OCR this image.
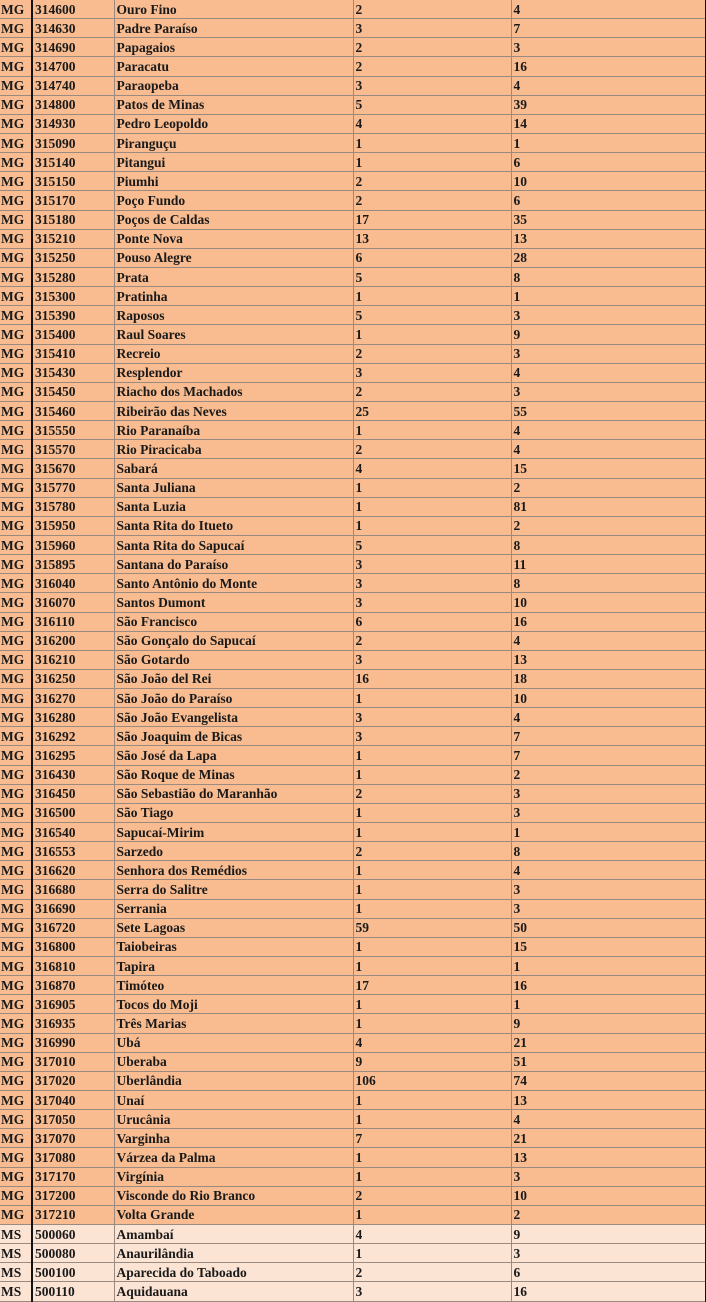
MG	314600	Ouro Fino	2	4
MG	314630	Padre Paraíso	3	7
MG	314690	Papagaios	2	3
MG	314700	Paracatu	2	16
MG	314740	Paraopeba	3	4
MG	314800	Patos de Minas	5	39
MG	314930	Pedro Leopoldo	4	14
MG	315090	Piranguçu	1	1
MG	315140	Pitangui	1	6
MG	315150	Piumhi	2	10
MG	315170	Poço Fundo	2	6
MG	315180	Poços de Caldas	17	35
MG	315210	Ponte Nova	13	13
MG	315250	Pouso Alegre	6	28
MG	315280	Prata	5	8
MG	315300	Pratinha	1	1
MG	315390	Raposos	5	3
MG	315400	Raul Soares	1	9
MG	315410	Recreio	2	3
MG	315430	Resplendor	3	4
MG	315450	Riacho dos Machados	2	3
MG	315460	Ribeirão das Neves	25	55
MG	315550	Rio Paranaíba	1	4
MG	315570	Rio Piracicaba	2	4
MG	315670	Sabará	4	15
MG	315770	Santa Juliana	1	2
MG	315780	Santa Luzia	1	81
MG	315950	Santa Rita do Itueto	1	2
MG	315960	Santa Rita do Sapucaí	5	8
MG	315895	Santana do Paraíso	3	11
MG	316040	Santo Antônio do Monte	3	8
MG	316070	Santos Dumont	3	10
MG	316110	São Francisco	6	16
MG	316200	São Gonçalo do Sapucaí	2	4
MG	316210	São Gotardo	3	13
MG	316250	São João del Rei	16	18
MG	316270	São João do Paraíso	1	10
MG	316280	São João Evangelista	3	4
MG	316292	São Joaquim de Bicas	3	7
MG	316295	São José da Lapa	1	7
MG	316430	São Roque de Minas	1	2
MG	316450	São Sebastião do Maranhão	2	3
MG	316500	São Tiago	1	3
MG	316540	Sapucaí-Mirim	1	1
MG	316553	Sarzedo	2	8
MG	316620	Senhora dos Remédios	1	4
MG	316680	Serra do Salitre	1	3
MG	316690	Serrania	1	3
MG	316720	Sete Lagoas	59	50
MG	316800	Taiobeiras	1	15
MG	316810	Tapira	1	1
MG	316870	Timóteo	17	16
MG	316905	Tocos do Moji	1	1
MG	316935	Três Marias	1	9
MG	316990	Ubá	4	21
MG	317010	Uberaba	9	51
MG	317020	Uberlândia	106	74
MG	317040	Unaí	1	13
MG	317050	Urucânia	1	4
MG	317070	Varginha	7	21
MG	317080	Várzea da Palma	1	13
MG	317170	Virgínia	1	3
MG	317200	Visconde do Rio Branco	2	10
MG	317210	Volta Grande	1	2
MS	500060	Amambaí	4	9
MS	500080	Anaurilândia	1	3
MS	500100	Aparecida do Taboado	2	6
MS	500110	Aquidauana	3	16
